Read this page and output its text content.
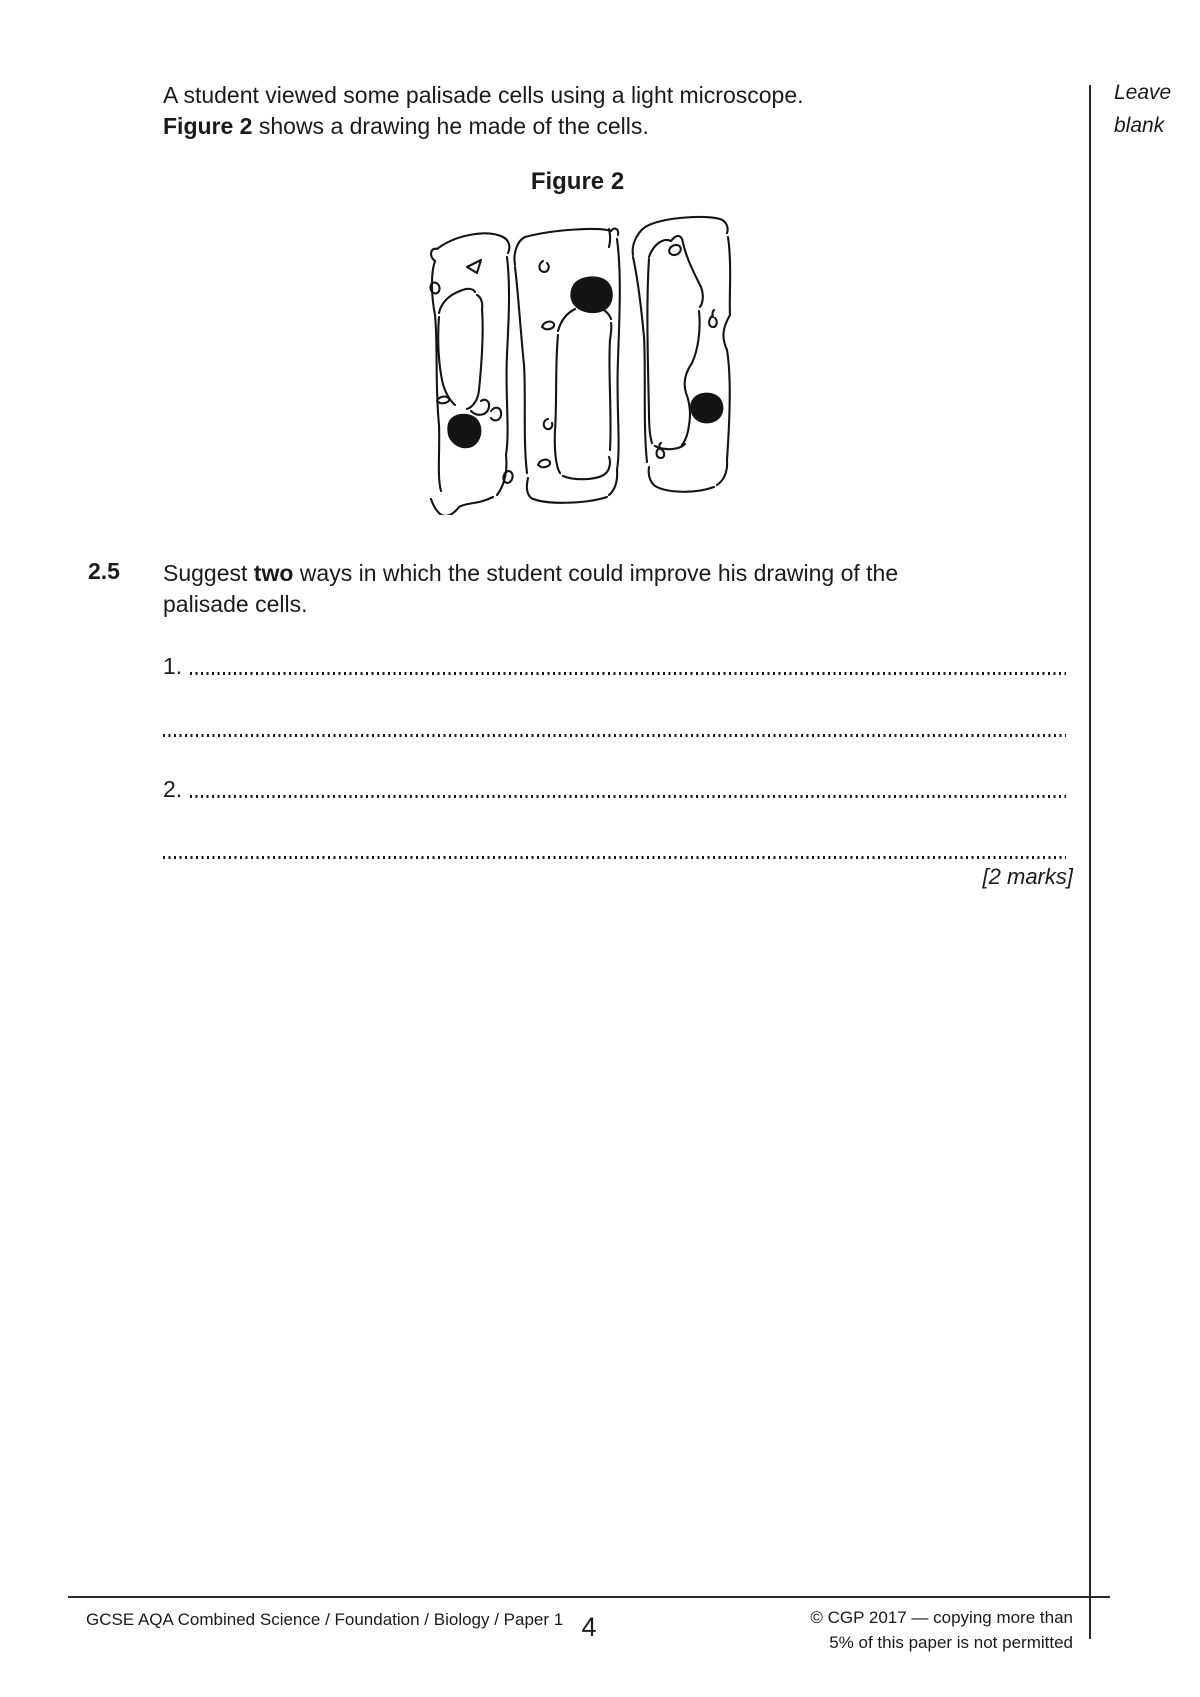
Leave
blank
A student viewed some palisade cells using a light microscope.
Figure 2 shows a drawing he made of the cells.
Figure 2
2.5	Suggest two ways in which the student could improve his drawing of the
palisade cells.
1.
2.
[2 marks]
GCSE AQA Combined Science / Foundation / Biology / Paper 1 4	© CGP 2017 — copying more than
5% of this paper is not permitted
